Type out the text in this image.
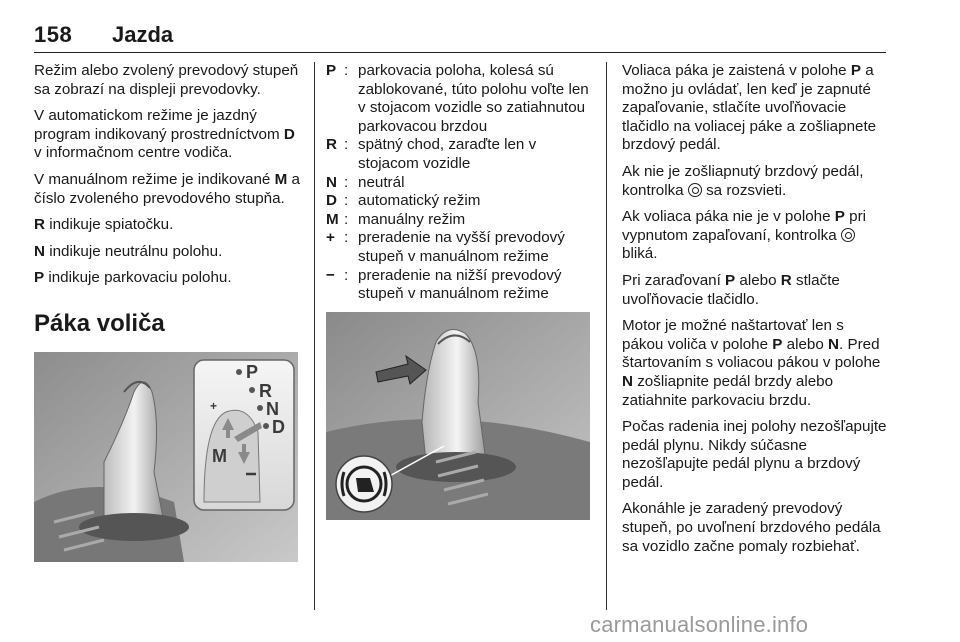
158 Jazda

Režim alebo zvolený prevodový stupeň sa zobrazí na displeji prevodovky.

V automatickom režime je jazdný program indikovaný prostredníctvom D v informačnom centre vodiča.

V manuálnom režime je indikované M a číslo zvoleného prevodového stupňa.

R indikuje spiatočku.

N indikuje neutrálnu polohu.

P indikuje parkovaciu polohu.

Páka voliča
P
R
N
D
M
+
P : parkovacia poloha, kolesá sú zablokované, túto polohu voľte len v stojacom vozidle so zatiahnutou parkovacou brzdou
R : spätný chod, zaraďte len v stojacom vozidle
N : neutrál
D : automatický režim
M : manuálny režim
+ : preradenie na vyšší prevodový stupeň v manuálnom režime
− : preradenie na nižší prevodový stupeň v manuálnom režime

Voliaca páka je zaistená v polohe P a možno ju ovládať, len keď je zapnuté zapaľovanie, stlačíte uvoľňovacie tlačidlo na voliacej páke a zošliapnete brzdový pedál.

Ak nie je zošliapnutý brzdový pedál, kontrolka  sa rozsvieti.

Ak voliaca páka nie je v polohe P pri vypnutom zapaľovaní, kontrolka  bliká.

Pri zaraďovaní P alebo R stlačte uvoľňovacie tlačidlo.

Motor je možné naštartovať len s pákou voliča v polohe P alebo N. Pred štartovaním s voliacou pákou v polohe N zošliapnite pedál brzdy alebo zatiahnite parkovaciu brzdu.

Počas radenia inej polohy nezošľapujte pedál plynu. Nikdy súčasne nezošľapujte pedál plynu a brzdový pedál.

Akonáhle je zaradený prevodový stupeň, po uvoľnení brzdového pedála sa vozidlo začne pomaly rozbiehať.

carmanualsonline.info
